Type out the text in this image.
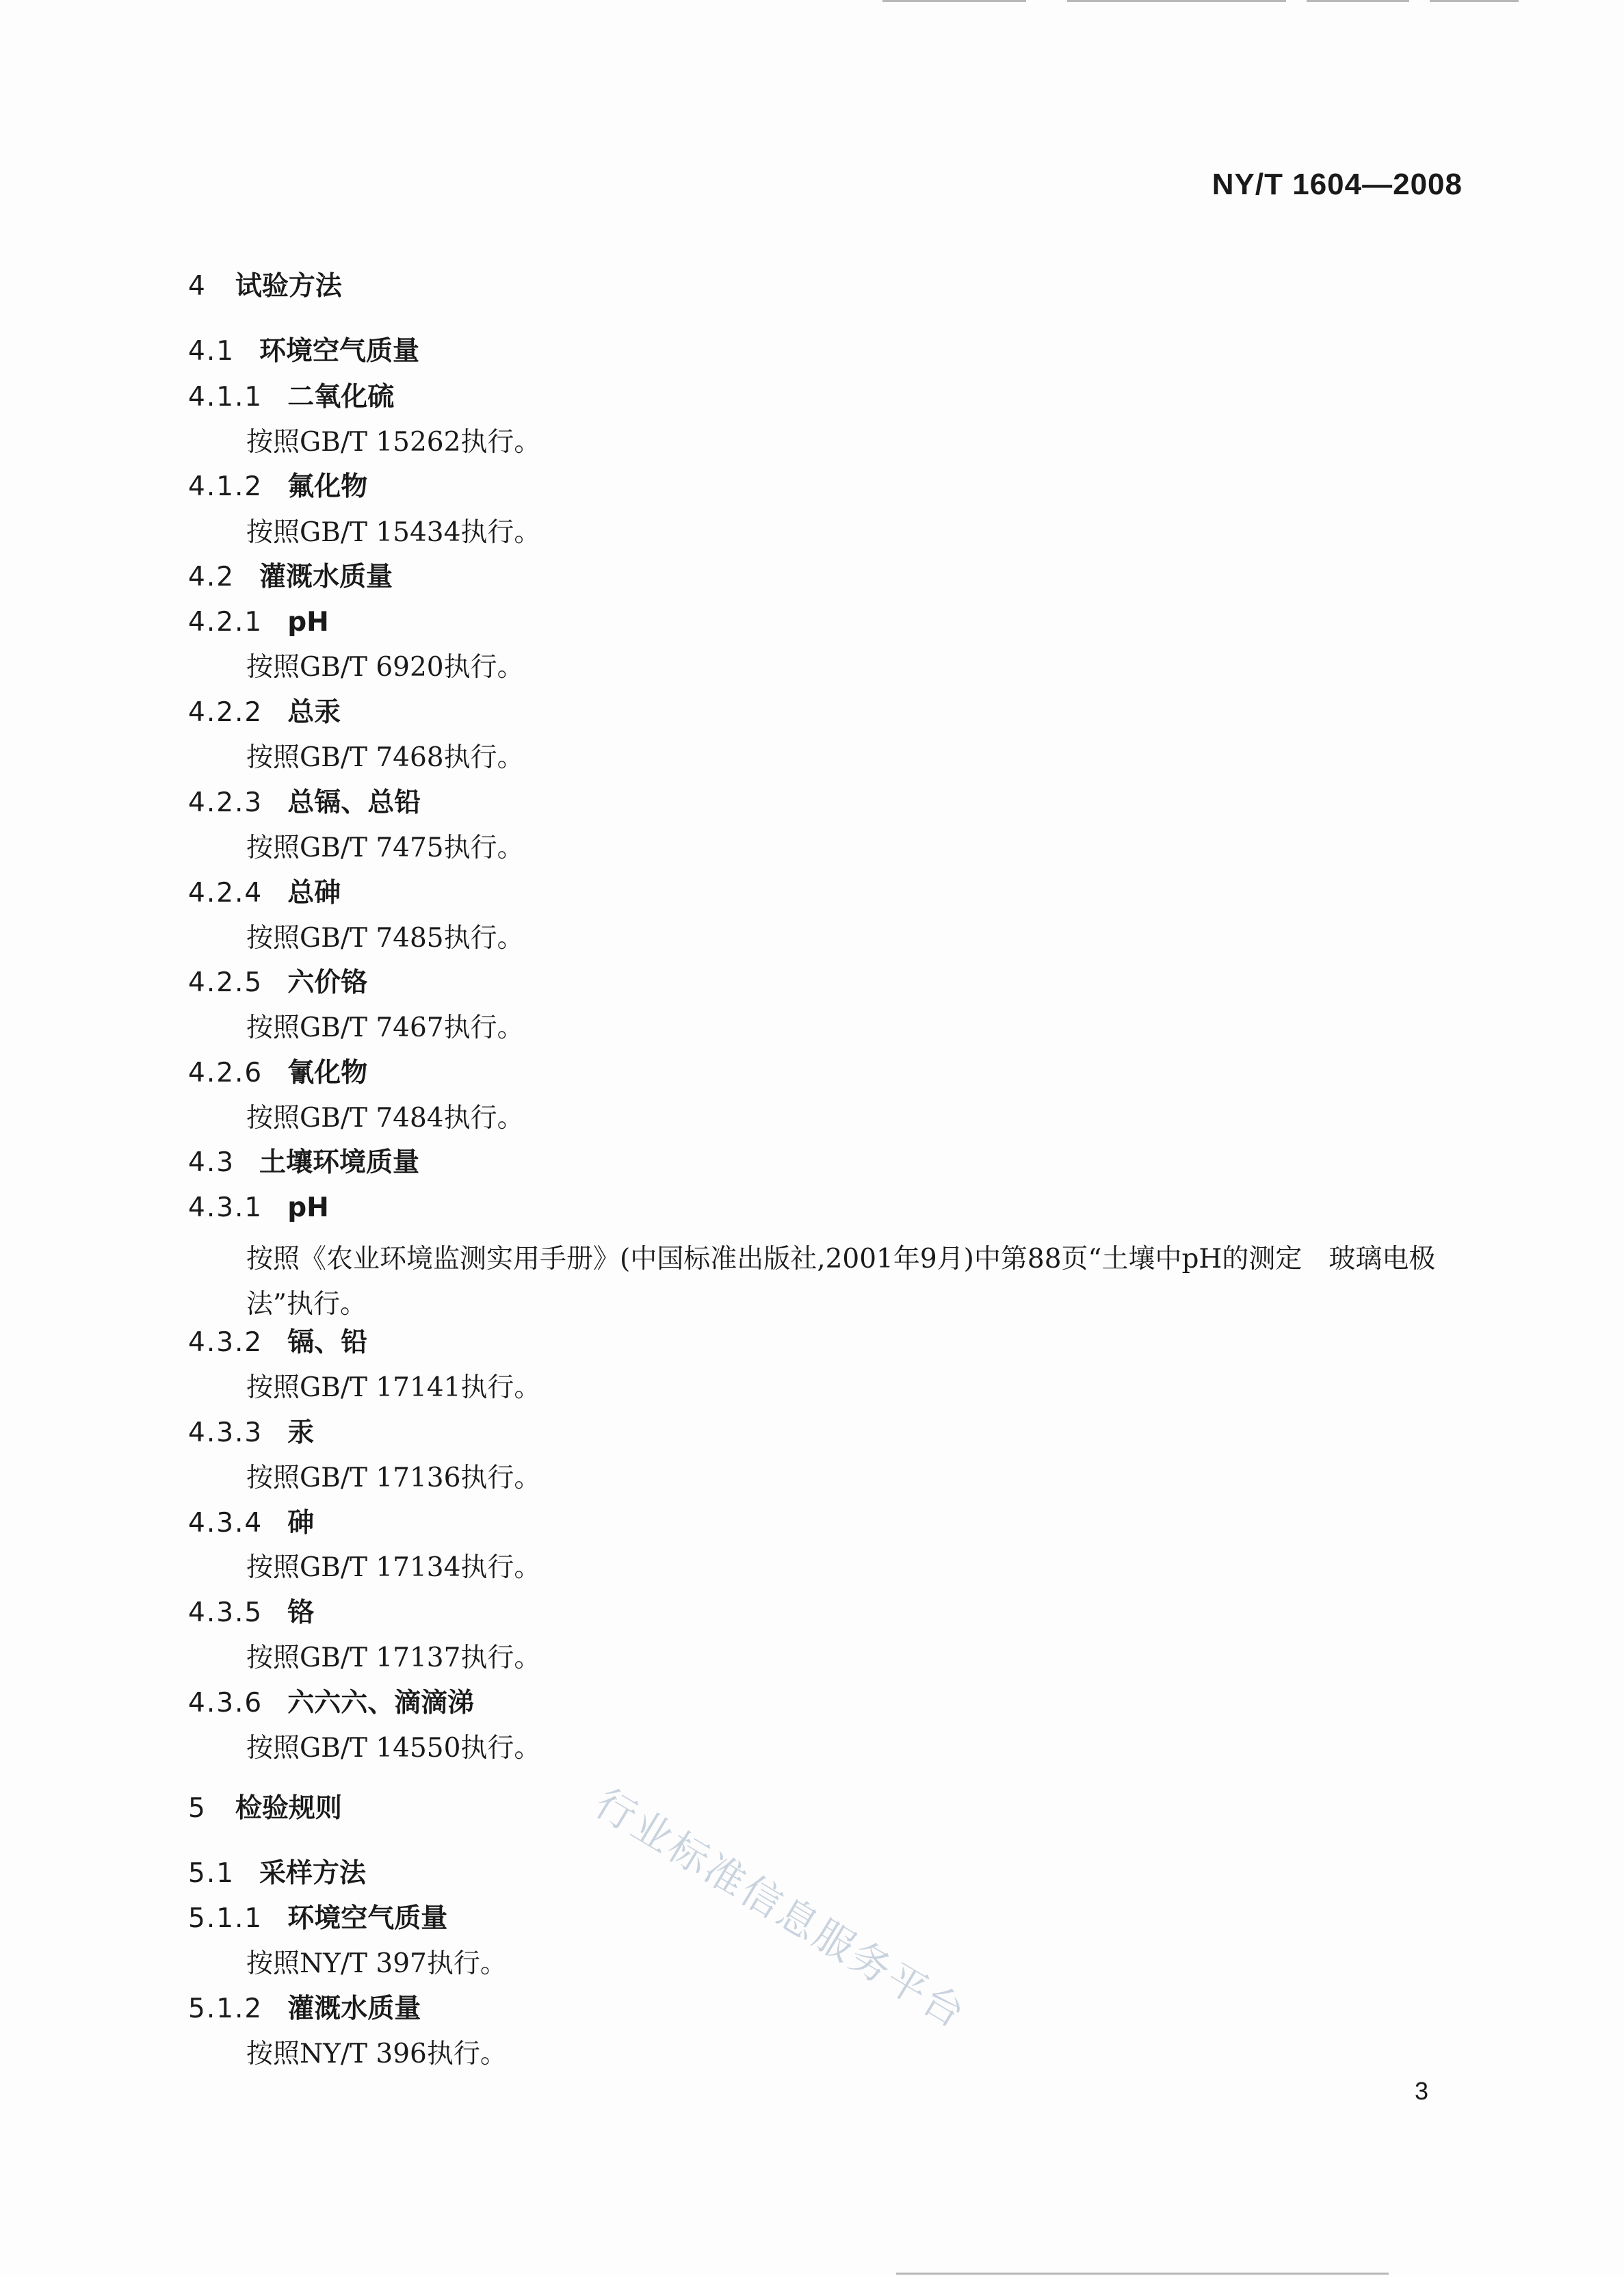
NY/T 1604—2008
4 试验方法
4.1 环境空气质量
4.1.1 二氧化硫
按照GB/T 15262执行。
4.1.2 氟化物
按照GB/T 15434执行。
4.2 灌溉水质量
4.2.1 pH
按照GB/T 6920执行。
4.2.2 总汞
按照GB/T 7468执行。
4.2.3 总镉、总铅
按照GB/T 7475执行。
4.2.4 总砷
按照GB/T 7485执行。
4.2.5 六价铬
按照GB/T 7467执行。
4.2.6 氰化物
按照GB/T 7484执行。
4.3 土壤环境质量
4.3.1 pH
按照《农业环境监测实用手册》(中国标准出版社,2001年9月)中第88页“土壤中pH的测定　玻璃电极法”执行。
4.3.2 镉、铅
按照GB/T 17141执行。
4.3.3 汞
按照GB/T 17136执行。
4.3.4 砷
按照GB/T 17134执行。
4.3.5 铬
按照GB/T 17137执行。
4.3.6 六六六、滴滴涕
按照GB/T 14550执行。
5 检验规则
5.1 采样方法
5.1.1 环境空气质量
按照NY/T 397执行。
5.1.2 灌溉水质量
按照NY/T 396执行。
行业标准信息服务平台
3
